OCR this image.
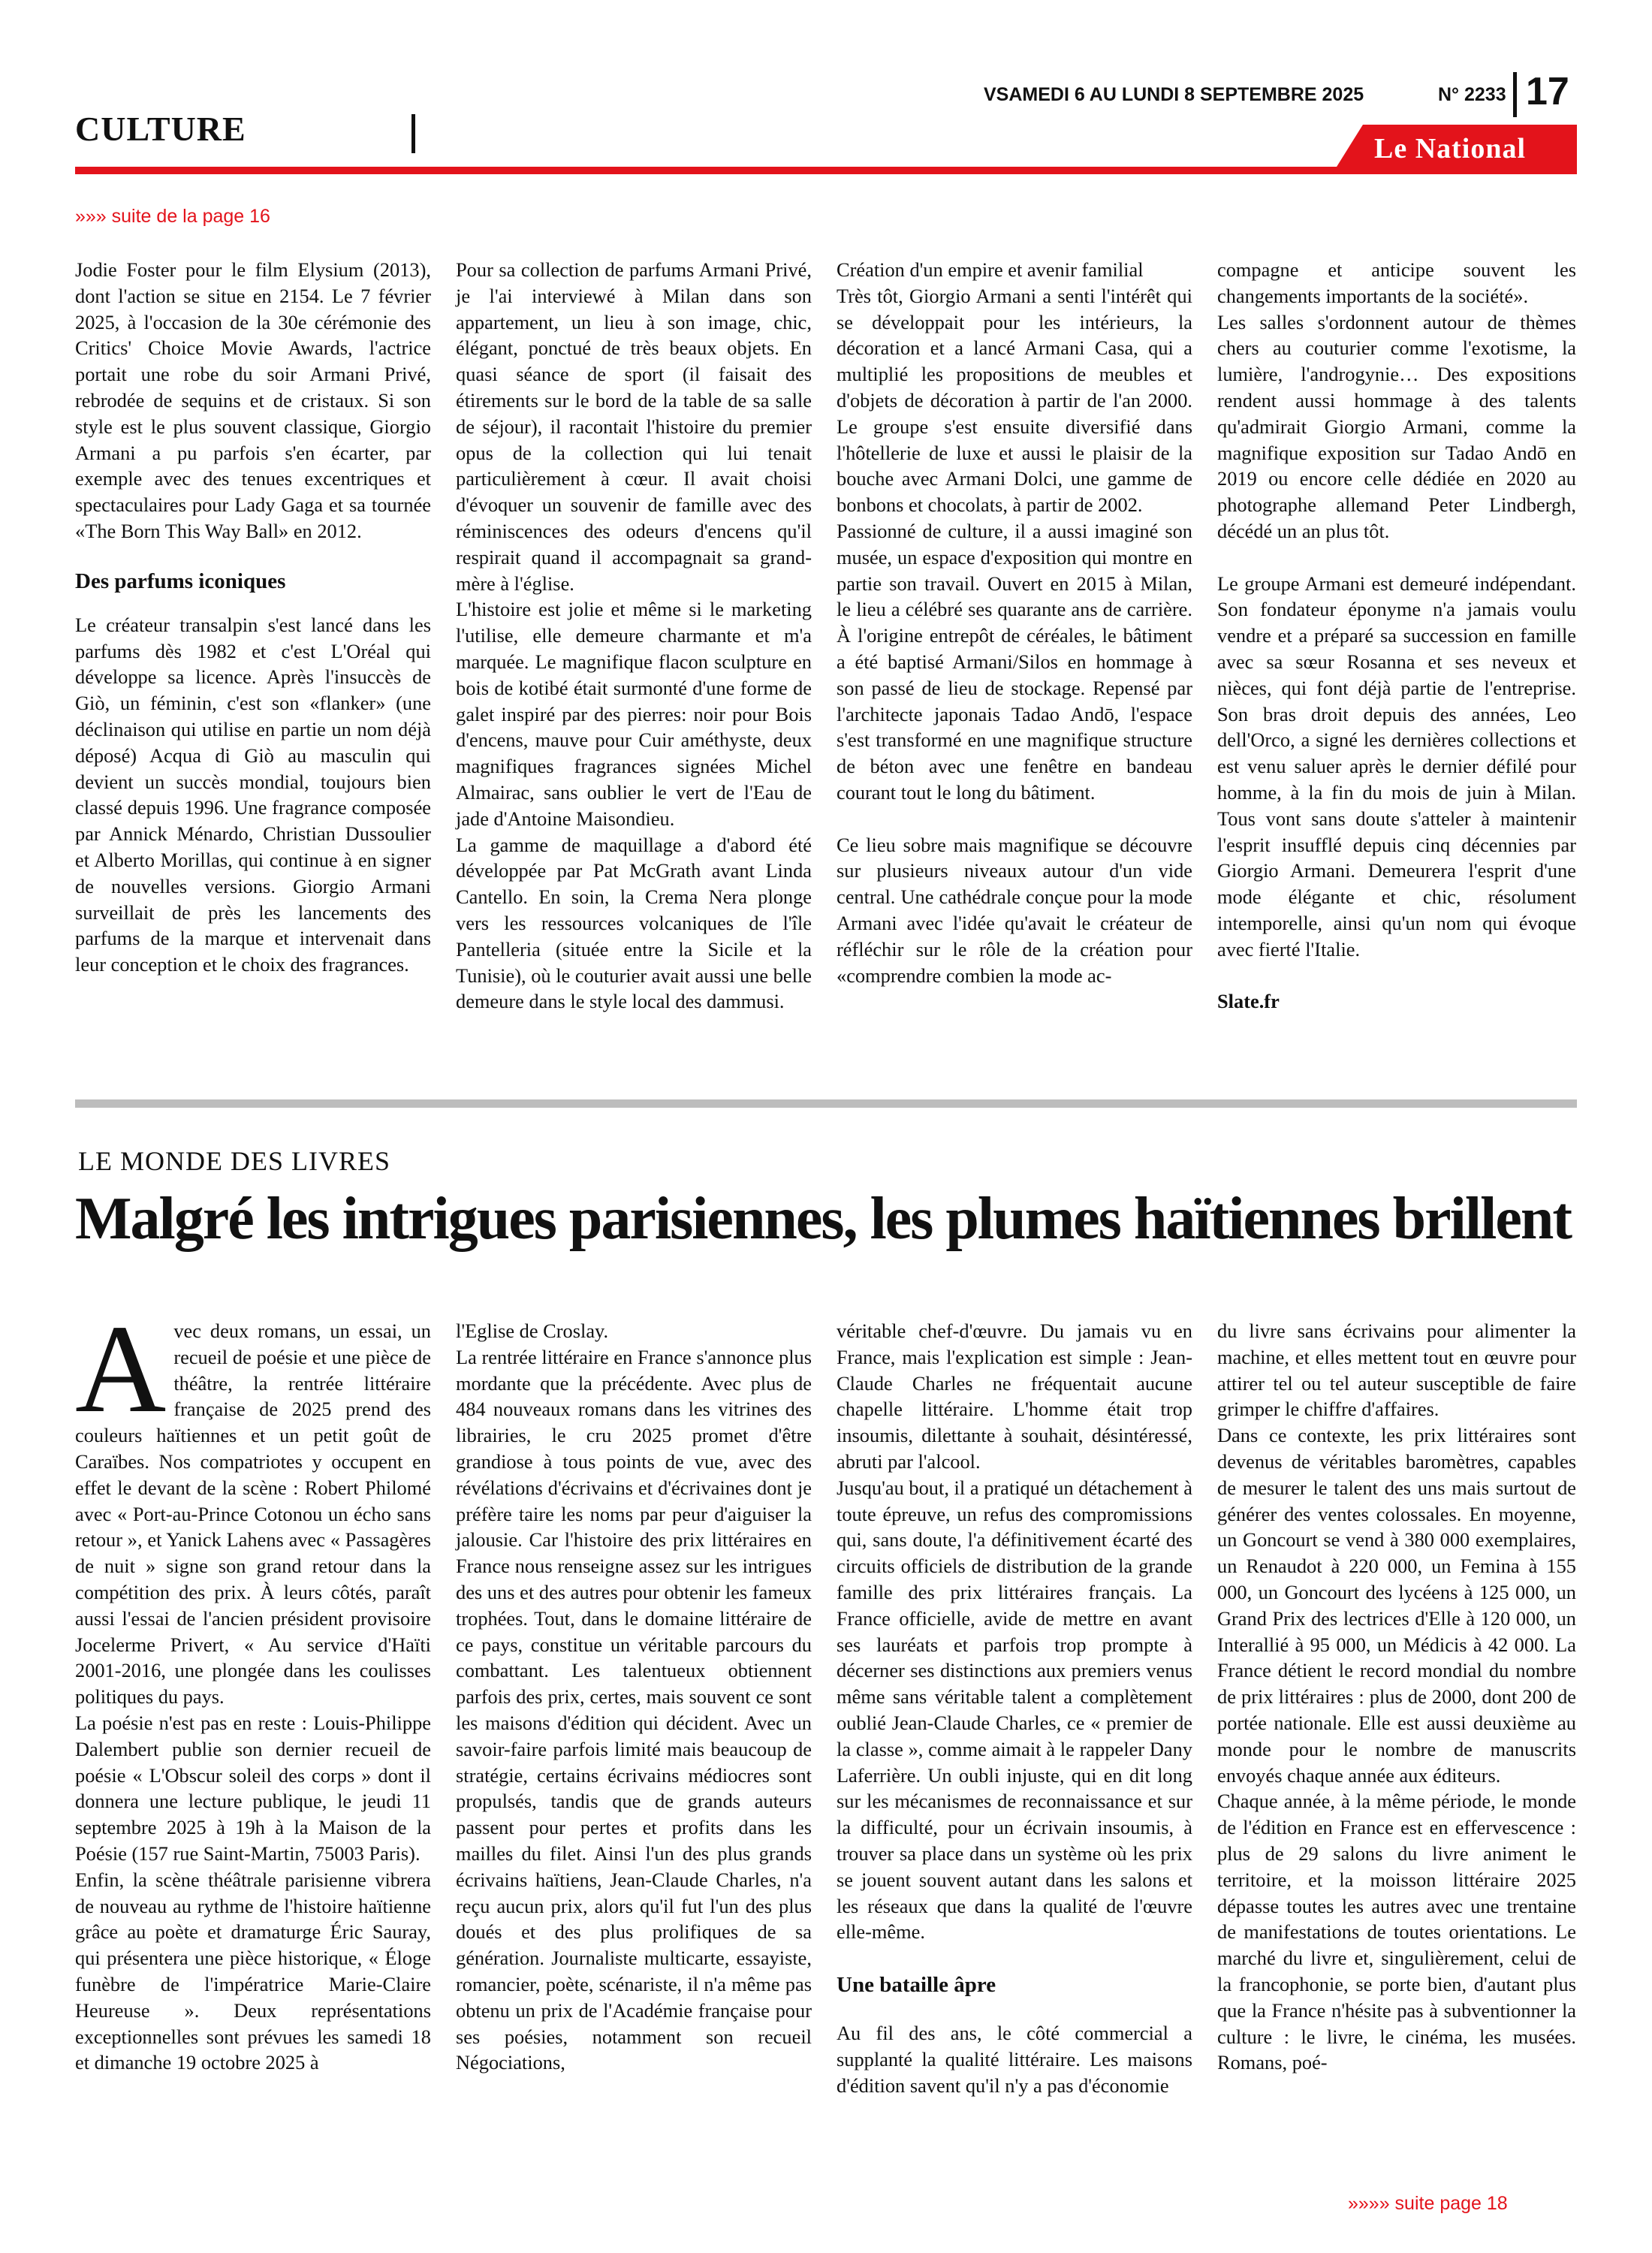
CULTURE
VSAMEDI 6 AU LUNDI 8 SEPTEMBRE 2025	N° 2233 17
Le National
»»» suite de la page 16

Jodie Foster pour le film Elysium (2013), dont l'action se situe en 2154. Le 7 février 2025, à l'occasion de la 30e cérémonie des Critics' Choice Movie Awards, l'actrice portait une robe du soir Armani Privé, rebrodée de sequins et de cristaux. Si son style est le plus souvent classique, Giorgio Armani a pu parfois s'en écarter, par exemple avec des tenues excentriques et spectaculaires pour Lady Gaga et sa tournée «The Born This Way Ball» en 2012.

Des parfums iconiques

Le créateur transalpin s'est lancé dans les parfums dès 1982 et c'est L'Oréal qui développe sa licence. Après l'insuccès de Giò, un féminin, c'est son «flanker» (une déclinaison qui utilise en partie un nom déjà déposé) Acqua di Giò au masculin qui devient un succès mondial, toujours bien classé depuis 1996. Une fragrance composée par Annick Ménardo, Christian Dussoulier et Alberto Morillas, qui continue à en signer de nouvelles versions. Giorgio Armani surveillait de près les lancements des parfums de la marque et intervenait dans leur conception et le choix des fragrances.

Pour sa collection de parfums Armani Privé, je l'ai interviewé à Milan dans son appartement, un lieu à son image, chic, élégant, ponctué de très beaux objets. En quasi séance de sport (il faisait des étirements sur le bord de la table de sa salle de séjour), il racontait l'histoire du premier opus de la collection qui lui tenait particulièrement à cœur. Il avait choisi d'évoquer un souvenir de famille avec des réminiscences des odeurs d'encens qu'il respirait quand il accompagnait sa grand-mère à l'église.

L'histoire est jolie et même si le marketing l'utilise, elle demeure charmante et m'a marquée. Le magnifique flacon sculpture en bois de kotibé était surmonté d'une forme de galet inspiré par des pierres: noir pour Bois d'encens, mauve pour Cuir améthyste, deux magnifiques fragrances signées Michel Almairac, sans oublier le vert de l'Eau de jade d'Antoine Maisondieu.

La gamme de maquillage a d'abord été développée par Pat McGrath avant Linda Cantello. En soin, la Crema Nera plonge vers les ressources volcaniques de l'île Pantelleria (située entre la Sicile et la Tunisie), où le couturier avait aussi une belle demeure dans le style local des dammusi.

Création d'un empire et avenir familial

Très tôt, Giorgio Armani a senti l'intérêt qui se développait pour les intérieurs, la décoration et a lancé Armani Casa, qui a multiplié les propositions de meubles et d'objets de décoration à partir de l'an 2000. Le groupe s'est ensuite diversifié dans l'hôtellerie de luxe et aussi le plaisir de la bouche avec Armani Dolci, une gamme de bonbons et chocolats, à partir de 2002.

Passionné de culture, il a aussi imaginé son musée, un espace d'exposition qui montre en partie son travail. Ouvert en 2015 à Milan, le lieu a célébré ses quarante ans de carrière. À l'origine entrepôt de céréales, le bâtiment a été baptisé Armani/Silos en hommage à son passé de lieu de stockage. Repensé par l'architecte japonais Tadao Andō, l'espace s'est transformé en une magnifique structure de béton avec une fenêtre en bandeau courant tout le long du bâtiment.

Ce lieu sobre mais magnifique se découvre sur plusieurs niveaux autour d'un vide central. Une cathédrale conçue pour la mode Armani avec l'idée qu'avait le créateur de réfléchir sur le rôle de la création pour «comprendre combien la mode ac-

compagne et anticipe souvent les changements importants de la société».

Les salles s'ordonnent autour de thèmes chers au couturier comme l'exotisme, la lumière, l'androgynie… Des expositions rendent aussi hommage à des talents qu'admirait Giorgio Armani, comme la magnifique exposition sur Tadao Andō en 2019 ou encore celle dédiée en 2020 au photographe allemand Peter Lindbergh, décédé un an plus tôt.

Le groupe Armani est demeuré indépendant. Son fondateur éponyme n'a jamais voulu vendre et a préparé sa succession en famille avec sa sœur Rosanna et ses neveux et nièces, qui font déjà partie de l'entreprise. Son bras droit depuis des années, Leo dell'Orco, a signé les dernières collections et est venu saluer après le dernier défilé pour homme, à la fin du mois de juin à Milan. Tous vont sans doute s'atteler à maintenir l'esprit insufflé depuis cinq décennies par Giorgio Armani. Demeurera l'esprit d'une mode élégante et chic, résolument intemporelle, ainsi qu'un nom qui évoque avec fierté l'Italie.

Slate.fr

LE MONDE DES LIVRES
Malgré les intrigues parisiennes, les plumes haïtiennes brillent

Avec deux romans, un essai, un recueil de poésie et une pièce de théâtre, la rentrée littéraire française de 2025 prend des couleurs haïtiennes et un petit goût de Caraïbes. Nos compatriotes y occupent en effet le devant de la scène : Robert Philomé avec « Port-au-Prince Cotonou un écho sans retour », et Yanick Lahens avec « Passagères de nuit » signe son grand retour dans la compétition des prix. À leurs côtés, paraît aussi l'essai de l'ancien président provisoire Jocelerme Privert, « Au service d'Haïti 2001-2016, une plongée dans les coulisses politiques du pays.

La poésie n'est pas en reste : Louis-Philippe Dalembert publie son dernier recueil de poésie « L'Obscur soleil des corps » dont il donnera une lecture publique, le jeudi 11 septembre 2025 à 19h à la Maison de la Poésie (157 rue Saint-Martin, 75003 Paris).

Enfin, la scène théâtrale parisienne vibrera de nouveau au rythme de l'histoire haïtienne grâce au poète et dramaturge Éric Sauray, qui présentera une pièce historique, « Éloge funèbre de l'impératrice Marie-Claire Heureuse ». Deux représentations exceptionnelles sont prévues les samedi 18 et dimanche 19 octobre 2025 à

l'Eglise de Croslay.

La rentrée littéraire en France s'annonce plus mordante que la précédente. Avec plus de 484 nouveaux romans dans les vitrines des librairies, le cru 2025 promet d'être grandiose à tous points de vue, avec des révélations d'écrivains et d'écrivaines dont je préfère taire les noms par peur d'aiguiser la jalousie. Car l'histoire des prix littéraires en France nous renseigne assez sur les intrigues des uns et des autres pour obtenir les fameux trophées. Tout, dans le domaine littéraire de ce pays, constitue un véritable parcours du combattant. Les talentueux obtiennent parfois des prix, certes, mais souvent ce sont les maisons d'édition qui décident. Avec un savoir-faire parfois limité mais beaucoup de stratégie, certains écrivains médiocres sont propulsés, tandis que de grands auteurs passent pour pertes et profits dans les mailles du filet. Ainsi l'un des plus grands écrivains haïtiens, Jean-Claude Charles, n'a reçu aucun prix, alors qu'il fut l'un des plus doués et des plus prolifiques de sa génération. Journaliste multicarte, essayiste, romancier, poète, scénariste, il n'a même pas obtenu un prix de l'Académie française pour ses poésies, notamment son recueil Négociations,

véritable chef-d'œuvre. Du jamais vu en France, mais l'explication est simple : Jean-Claude Charles ne fréquentait aucune chapelle littéraire. L'homme était trop insoumis, dilettante à souhait, désintéressé, abruti par l'alcool.

Jusqu'au bout, il a pratiqué un détachement à toute épreuve, un refus des compromissions qui, sans doute, l'a définitivement écarté des circuits officiels de distribution de la grande famille des prix littéraires français. La France officielle, avide de mettre en avant ses lauréats et parfois trop prompte à décerner ses distinctions aux premiers venus même sans véritable talent a complètement oublié Jean-Claude Charles, ce « premier de la classe », comme aimait à le rappeler Dany Laferrière. Un oubli injuste, qui en dit long sur les mécanismes de reconnaissance et sur la difficulté, pour un écrivain insoumis, à trouver sa place dans un système où les prix se jouent souvent autant dans les salons et les réseaux que dans la qualité de l'œuvre elle-même.

Une bataille âpre

Au fil des ans, le côté commercial a supplanté la qualité littéraire. Les maisons d'édition savent qu'il n'y a pas d'économie

du livre sans écrivains pour alimenter la machine, et elles mettent tout en œuvre pour attirer tel ou tel auteur susceptible de faire grimper le chiffre d'affaires.

Dans ce contexte, les prix littéraires sont devenus de véritables baromètres, capables de mesurer le talent des uns mais surtout de générer des ventes colossales. En moyenne, un Goncourt se vend à 380 000 exemplaires, un Renaudot à 220 000, un Femina à 155 000, un Goncourt des lycéens à 125 000, un Grand Prix des lectrices d'Elle à 120 000, un Interallié à 95 000, un Médicis à 42 000. La France détient le record mondial du nombre de prix littéraires : plus de 2000, dont 200 de portée nationale. Elle est aussi deuxième au monde pour le nombre de manuscrits envoyés chaque année aux éditeurs.

Chaque année, à la même période, le monde de l'édition en France est en effervescence : plus de 29 salons du livre animent le territoire, et la moisson littéraire 2025 dépasse toutes les autres avec une trentaine de manifestations de toutes orientations. Le marché du livre et, singulièrement, celui de la francophonie, se porte bien, d'autant plus que la France n'hésite pas à subventionner la culture : le livre, le cinéma, les musées. Romans, poé-

»»»» suite page 18
